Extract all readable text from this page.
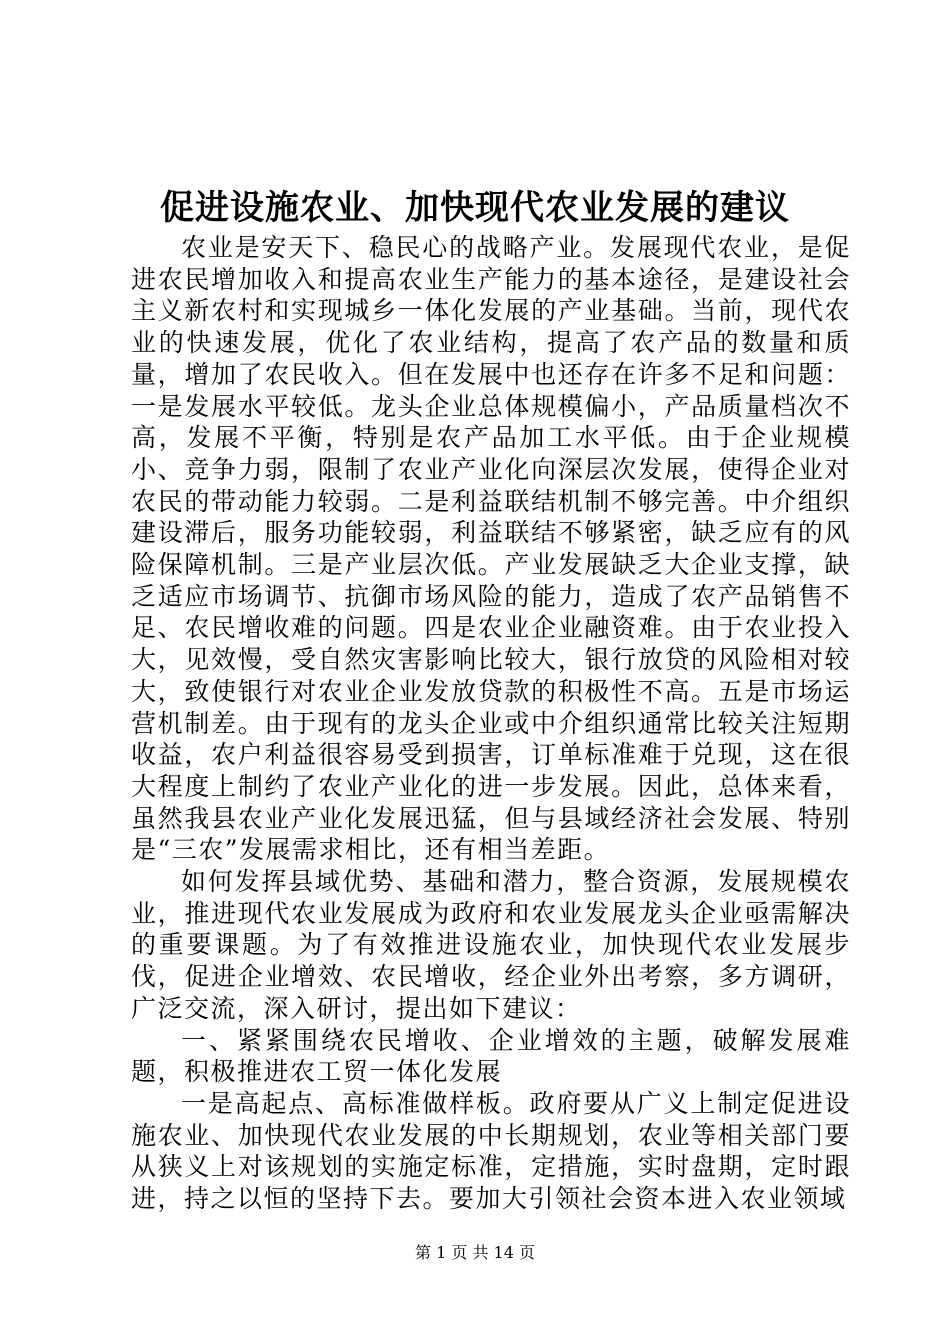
促进设施农业、加快现代农业发展的建议

农业是安天下、稳民心的战略产业。发展现代农业，是促进农民增加收入和提高农业生产能力的基本途径，是建设社会主义新农村和实现城乡一体化发展的产业基础。当前，现代农业的快速发展，优化了农业结构，提高了农产品的数量和质量，增加了农民收入。但在发展中也还存在许多不足和问题：一是发展水平较低。龙头企业总体规模偏小，产品质量档次不高，发展不平衡，特别是农产品加工水平低。由于企业规模小、竞争力弱，限制了农业产业化向深层次发展，使得企业对农民的带动能力较弱。二是利益联结机制不够完善。中介组织建设滞后，服务功能较弱，利益联结不够紧密，缺乏应有的风险保障机制。三是产业层次低。产业发展缺乏大企业支撑，缺乏适应市场调节、抗御市场风险的能力，造成了农产品销售不足、农民增收难的问题。四是农业企业融资难。由于农业投入大，见效慢，受自然灾害影响比较大，银行放贷的风险相对较大，致使银行对农业企业发放贷款的积极性不高。五是市场运营机制差。由于现有的龙头企业或中介组织通常比较关注短期收益，农户利益很容易受到损害，订单标准难于兑现，这在很大程度上制约了农业产业化的进一步发展。因此，总体来看，虽然我县农业产业化发展迅猛，但与县域经济社会发展、特别是“三农”发展需求相比，还有相当差距。

如何发挥县域优势、基础和潜力，整合资源，发展规模农业，推进现代农业发展成为政府和农业发展龙头企业亟需解决的重要课题。为了有效推进设施农业，加快现代农业发展步伐，促进企业增效、农民增收，经企业外出考察，多方调研，广泛交流，深入研讨，提出如下建议：

一、紧紧围绕农民增收、企业增效的主题，破解发展难题，积极推进农工贸一体化发展

一是高起点、高标准做样板。政府要从广义上制定促进设施农业、加快现代农业发展的中长期规划，农业等相关部门要从狭义上对该规划的实施定标准，定措施，实时盘期，定时跟进，持之以恒的坚持下去。要加大引领社会资本进入农业领域

第 1 页 共 14 页
